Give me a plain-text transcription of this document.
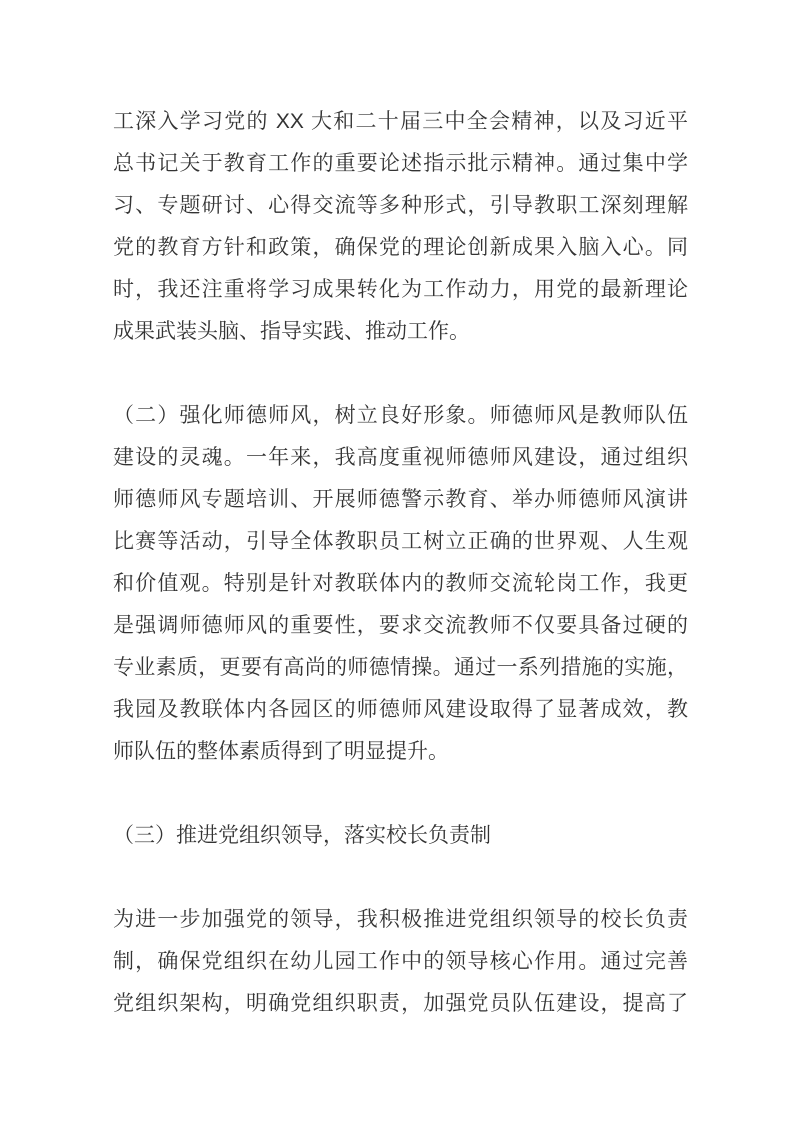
工深入学习党的 XX 大和二十届三中全会精神，以及习近平
总书记关于教育工作的重要论述指示批示精神。通过集中学
习、专题研讨、心得交流等多种形式，引导教职工深刻理解
党的教育方针和政策，确保党的理论创新成果入脑入心。同
时，我还注重将学习成果转化为工作动力，用党的最新理论
成果武装头脑、指导实践、推动工作。
（二）强化师德师风，树立良好形象。师德师风是教师队伍
建设的灵魂。一年来，我高度重视师德师风建设，通过组织
师德师风专题培训、开展师德警示教育、举办师德师风演讲
比赛等活动，引导全体教职员工树立正确的世界观、人生观
和价值观。特别是针对教联体内的教师交流轮岗工作，我更
是强调师德师风的重要性，要求交流教师不仅要具备过硬的
专业素质，更要有高尚的师德情操。通过一系列措施的实施，
我园及教联体内各园区的师德师风建设取得了显著成效，教
师队伍的整体素质得到了明显提升。
（三）推进党组织领导，落实校长负责制
为进一步加强党的领导，我积极推进党组织领导的校长负责
制，确保党组织在幼儿园工作中的领导核心作用。通过完善
党组织架构，明确党组织职责，加强党员队伍建设，提高了
